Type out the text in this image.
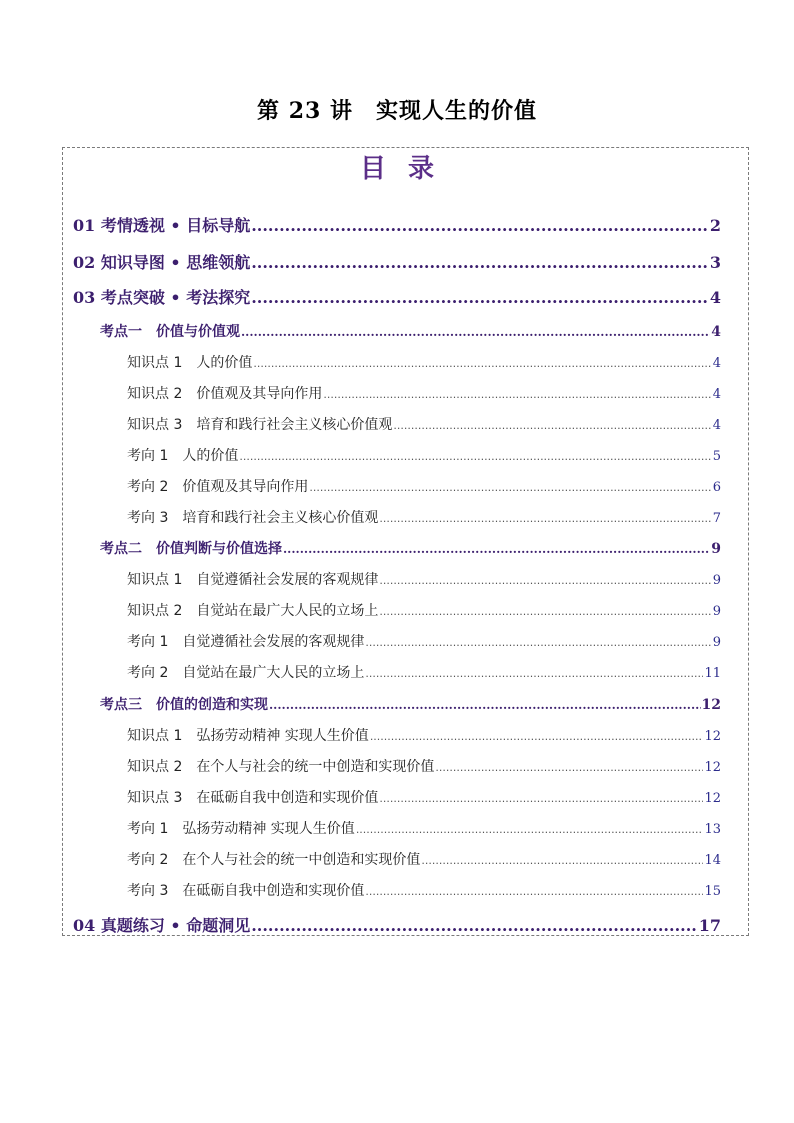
第 23 讲　实现人生的价值
目录
01 考情透视 • 目标导航 .....	2
02 知识导图 • 思维领航 .....	3
03 考点突破 • 考法探究 .....	4
考点一　价值与价值观 .....	4
知识点 1　人的价值 .....	4
知识点 2　价值观及其导向作用 .....	4
知识点 3　培育和践行社会主义核心价值观 .....	4
考向 1　人的价值 .....	5
考向 2　价值观及其导向作用 .....	6
考向 3　培育和践行社会主义核心价值观 .....	7
考点二　价值判断与价值选择 .....	9
知识点 1　自觉遵循社会发展的客观规律 .....	9
知识点 2　自觉站在最广大人民的立场上 .....	9
考向 1　自觉遵循社会发展的客观规律 .....	9
考向 2　自觉站在最广大人民的立场上 .....	11
考点三　价值的创造和实现 .....	12
知识点 1　弘扬劳动精神 实现人生价值 .....	12
知识点 2　在个人与社会的统一中创造和实现价值 .....	12
知识点 3　在砥砺自我中创造和实现价值 .....	12
考向 1　弘扬劳动精神 实现人生价值 .....	13
考向 2　在个人与社会的统一中创造和实现价值 .....	14
考向 3　在砥砺自我中创造和实现价值 .....	15
04 真题练习 • 命题洞见 .....	17
